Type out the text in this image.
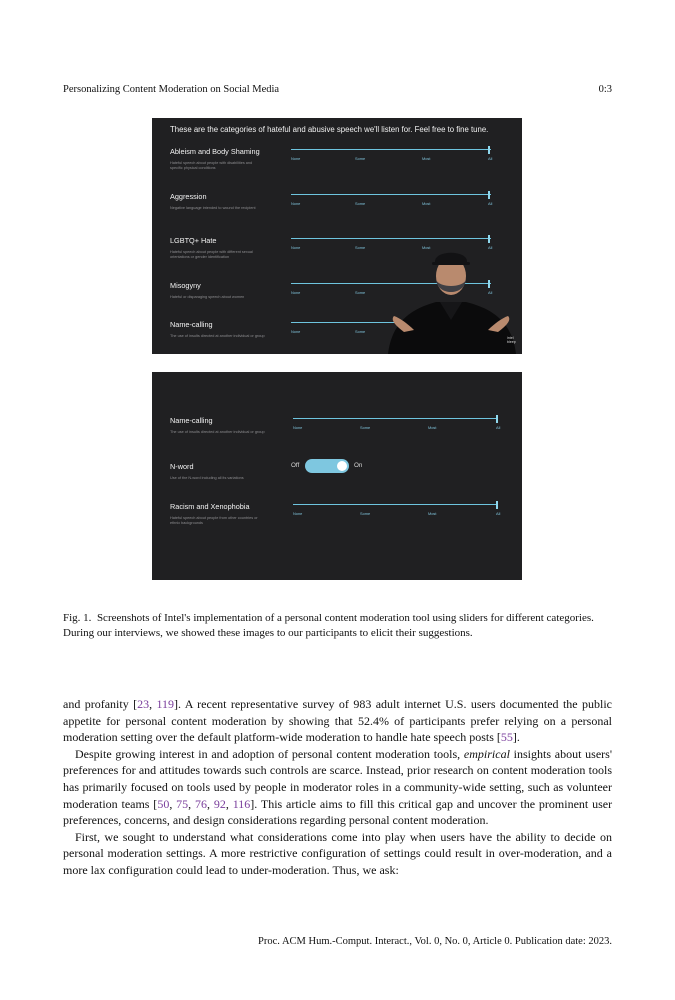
Personalizing Content Moderation on Social Media	0:3
These are the categories of hateful and abusive speech we'll listen for. Feel free to fine tune.
Ableism and Body Shaming
Hateful speech about people with disabilities and specific physical conditions
None	Some	Most	All
Aggression
Negative language intended to wound the recipient
None	Some	Most	All
LGBTQ+ Hate
Hateful speech about people with different sexual orientations or gender identification
None	Some	Most	All
Misogyny
Hateful or disparaging speech about women
None	Some	All
Name-calling
The use of insults directed at another individual or group
None	Some
intel
bleep
Name-calling
The use of insults directed at another individual or group
None	Some	Most	All
N-word
Use of the N-word including all its variations
Off	On
Racism and Xenophobia
Hateful speech about people from other countries or ethnic backgrounds
None	Some	Most	All
Fig. 1. Screenshots of Intel's implementation of a personal content moderation tool using sliders for different categories. During our interviews, we showed these images to our participants to elicit their suggestions.

and profanity [23, 119]. A recent representative survey of 983 adult internet U.S. users documented the public appetite for personal content moderation by showing that 52.4% of participants prefer relying on a personal moderation setting over the default platform-wide moderation to handle hate speech posts [55].

Despite growing interest in and adoption of personal content moderation tools, empirical insights about users' preferences for and attitudes towards such controls are scarce. Instead, prior research on content moderation tools has primarily focused on tools used by people in moderator roles in a community-wide setting, such as volunteer moderation teams [50, 75, 76, 92, 116]. This article aims to fill this critical gap and uncover the prominent user preferences, concerns, and design considerations regarding personal content moderation.

First, we sought to understand what considerations come into play when users have the ability to decide on personal moderation settings. A more restrictive configuration of settings could result in over-moderation, and a more lax configuration could lead to under-moderation. Thus, we ask:

Proc. ACM Hum.-Comput. Interact., Vol. 0, No. 0, Article 0. Publication date: 2023.
